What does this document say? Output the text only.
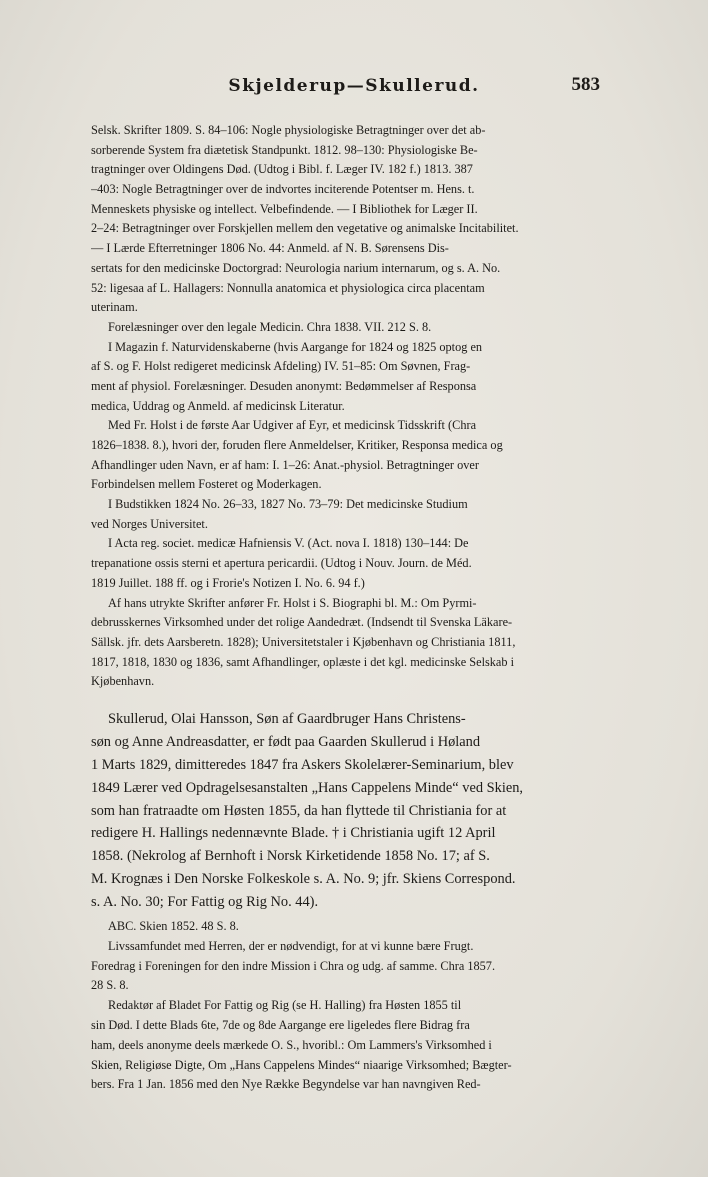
Skjelderup—Skullerud.	583
Selsk. Skrifter 1809. S. 84–106: Nogle physiologiske Betragtninger over det ab-
sorberende System fra diætetisk Standpunkt. 1812. 98–130: Physiologiske Be-
tragtninger over Oldingens Død. (Udtog i Bibl. f. Læger IV. 182 f.) 1813. 387
–403: Nogle Betragtninger over de indvortes inciterende Potentser m. Hens. t.
Menneskets physiske og intellect. Velbefindende. — I Bibliothek for Læger II.
2–24: Betragtninger over Forskjellen mellem den vegetative og animalske Incitabilitet.
— I Lærde Efterretninger 1806 No. 44: Anmeld. af N. B. Sørensens Dis-
sertats for den medicinske Doctorgrad: Neurologia narium internarum, og s. A. No.
52: ligesaa af L. Hallagers: Nonnulla anatomica et physiologica circa placentam
uterinam.
Forelæsninger over den legale Medicin. Chra 1838. VII. 212 S. 8.
I Magazin f. Naturvidenskaberne (hvis Aargange for 1824 og 1825 optog en
af S. og F. Holst redigeret medicinsk Afdeling) IV. 51–85: Om Søvnen, Frag-
ment af physiol. Forelæsninger. Desuden anonymt: Bedømmelser af Responsa
medica, Uddrag og Anmeld. af medicinsk Literatur.
Med Fr. Holst i de første Aar Udgiver af Eyr, et medicinsk Tidsskrift (Chra
1826–1838. 8.), hvori der, foruden flere Anmeldelser, Kritiker, Responsa medica og
Afhandlinger uden Navn, er af ham: I. 1–26: Anat.-physiol. Betragtninger over
Forbindelsen mellem Fosteret og Moderkagen.
I Budstikken 1824 No. 26–33, 1827 No. 73–79: Det medicinske Studium
ved Norges Universitet.
I Acta reg. societ. medicæ Hafniensis V. (Act. nova I. 1818) 130–144: De
trepanatione ossis sterni et apertura pericardii. (Udtog i Nouv. Journ. de Méd.
1819 Juillet. 188 ff. og i Frorie's Notizen I. No. 6. 94 f.)
Af hans utrykte Skrifter anfører Fr. Holst i S. Biographi bl. M.: Om Pyrmi-
debrusskernes Virksomhed under det rolige Aandedræt. (Indsendt til Svenska Läkare-
Sällsk. jfr. dets Aarsberetn. 1828); Universitetstaler i Kjøbenhavn og Christiania 1811,
1817, 1818, 1830 og 1836, samt Afhandlinger, oplæste i det kgl. medicinske Selskab i
Kjøbenhavn.
Skullerud, Olai Hansson, Søn af Gaardbruger Hans Christens-
søn og Anne Andreasdatter, er født paa Gaarden Skullerud i Høland
1 Marts 1829, dimitteredes 1847 fra Askers Skolelærer-Seminarium, blev
1849 Lærer ved Opdragelsesanstalten „Hans Cappelens Minde“ ved Skien,
som han fratraadte om Høsten 1855, da han flyttede til Christiania for at
redigere H. Hallings nedennævnte Blade. † i Christiania ugift 12 April
1858. (Nekrolog af Bernhoft i Norsk Kirketidende 1858 No. 17; af S.
M. Krognæs i Den Norske Folkeskole s. A. No. 9; jfr. Skiens Correspond.
s. A. No. 30; For Fattig og Rig No. 44).
ABC. Skien 1852. 48 S. 8.
Livssamfundet med Herren, der er nødvendigt, for at vi kunne bære Frugt.
Foredrag i Foreningen for den indre Mission i Chra og udg. af samme. Chra 1857.
28 S. 8.
Redaktør af Bladet For Fattig og Rig (se H. Halling) fra Høsten 1855 til
sin Død. I dette Blads 6te, 7de og 8de Aargange ere ligeledes flere Bidrag fra
ham, deels anonyme deels mærkede O. S., hvoribl.: Om Lammers's Virksomhed i
Skien, Religiøse Digte, Om „Hans Cappelens Mindes“ niaarige Virksomhed; Bægter-
bers. Fra 1 Jan. 1856 med den Nye Række Begyndelse var han navngiven Red-
